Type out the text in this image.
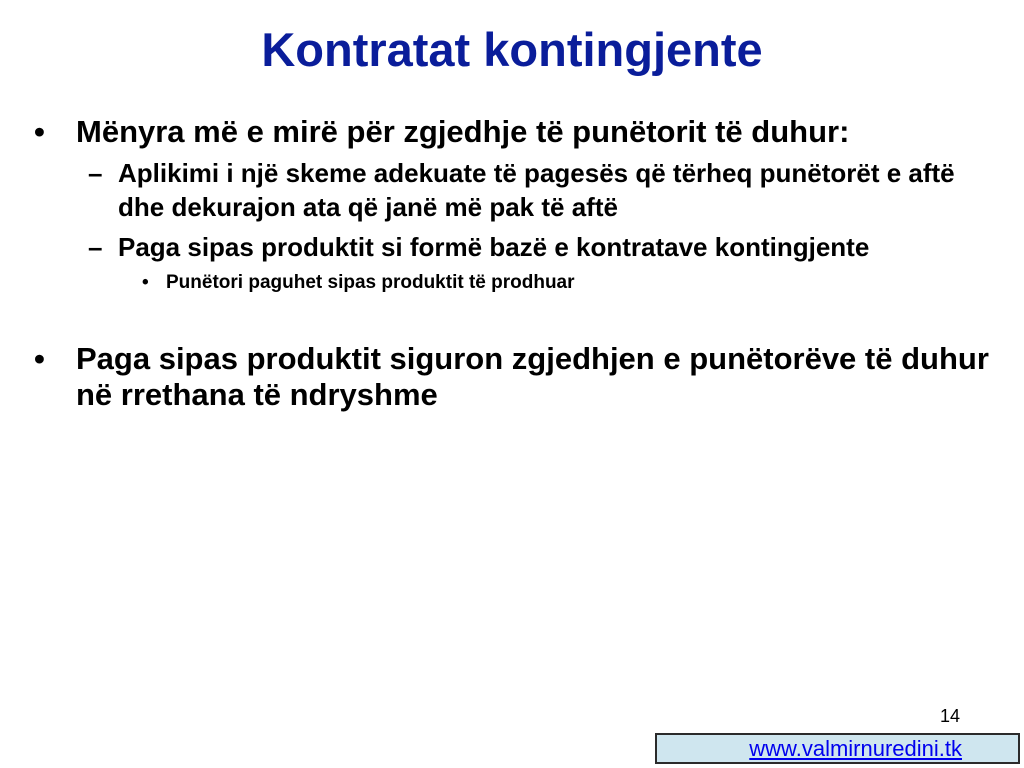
Kontratat kontingjente
• Mënyra më e mirë për zgjedhje të punëtorit të duhur:
– Aplikimi i një skeme adekuate të pagesës që tërheq punëtorët e aftë dhe dekurajon ata që janë më pak të aftë
– Paga sipas produktit si formë bazë e kontratave kontingjente
• Punëtori paguhet sipas produktit të prodhuar
• Paga sipas produktit siguron zgjedhjen e punëtorëve të duhur në rrethana të ndryshme
14
www.valmirnuredini.tk
